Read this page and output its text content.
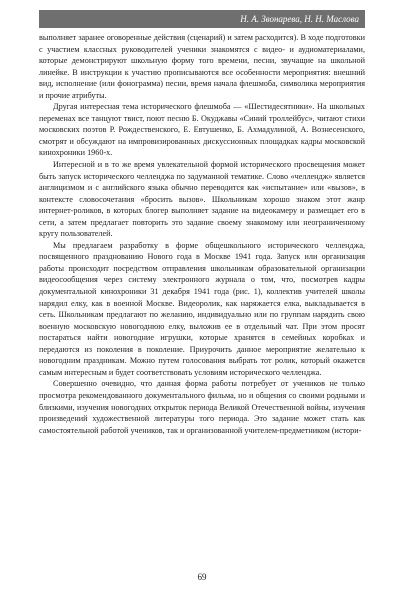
Н. А. Звонарева, Н. Н. Маслова

выполняет заранее оговоренные действия (сценарий) и затем расходится). В ходе подготовки с участием классных руководителей ученики знакомятся с видео- и аудиоматериалами, которые демонстрируют школьную форму того времени, песни, звучащие на школьной линейке. В инструкции к участию прописываются все особенности мероприятия: внешний вид, исполнение (или фонограмма) песни, время начала флешмоба, символика мероприятия и прочие атрибуты.

Другая интересная тема исторического флешмоба — «Шестидесятники». На школьных переменах все танцуют твист, поют песню Б. Окуджавы «Синий троллейбус», читают стихи московских поэтов Р. Рождественского, Е. Евтушенко, Б. Ахмадулиной, А. Вознесенского, смотрят и обсуждают на импровизированных дискуссионных площадках кадры московской кинохроники 1960-х.

Интересной и в то же время увлекательной формой исторического просвещения может быть запуск исторического челленджа по задуманной тематике. Слово «челлендж» является англицизмом и с английского языка обычно переводится как «испытание» или «вызов», в контексте словосочетания «бросить вызов». Школьникам хорошо знаком этот жанр интернет-роликов, в которых блогер выполняет задание на видеокамеру и размещает его в сети, а затем предлагает повторить это задание своему знакомому или неограниченному кругу пользователей.

Мы предлагаем разработку в форме общешкольного исторического челленджа, посвященного празднованию Нового года в Москве 1941 года. Запуск или организация работы происходит посредством отправления школьникам образовательной организации видеосообщения через систему электронного журнала о том, что, посмотрев кадры документальной кинохроники 31 декабря 1941 года (рис. 1), коллектив учителей школы нарядил елку, как в военной Москве. Видеоролик, как наряжается елка, выкладывается в сеть. Школьникам предлагают по желанию, индивидуально или по группам нарядить свою военную московскую новогоднюю елку, выложив ее в отдельный чат. При этом просят постараться найти новогодние игрушки, которые хранятся в семейных коробках и передаются из поколения в поколение. Приурочить данное мероприятие желательно к новогодним праздникам. Можно путем голосования выбрать тот ролик, который окажется самым интересным и будет соответствовать условиям исторического челленджа.

Совершенно очевидно, что данная форма работы потребует от учеников не только просмотра рекомендованного документального фильма, но и общения со своими родными и близкими, изучения новогодних открыток периода Великой Отечественной войны, изучения произведений художественной литературы того периода. Это задание может стать как самостоятельной работой учеников, так и организованной учителем-предметником (истори-

69
